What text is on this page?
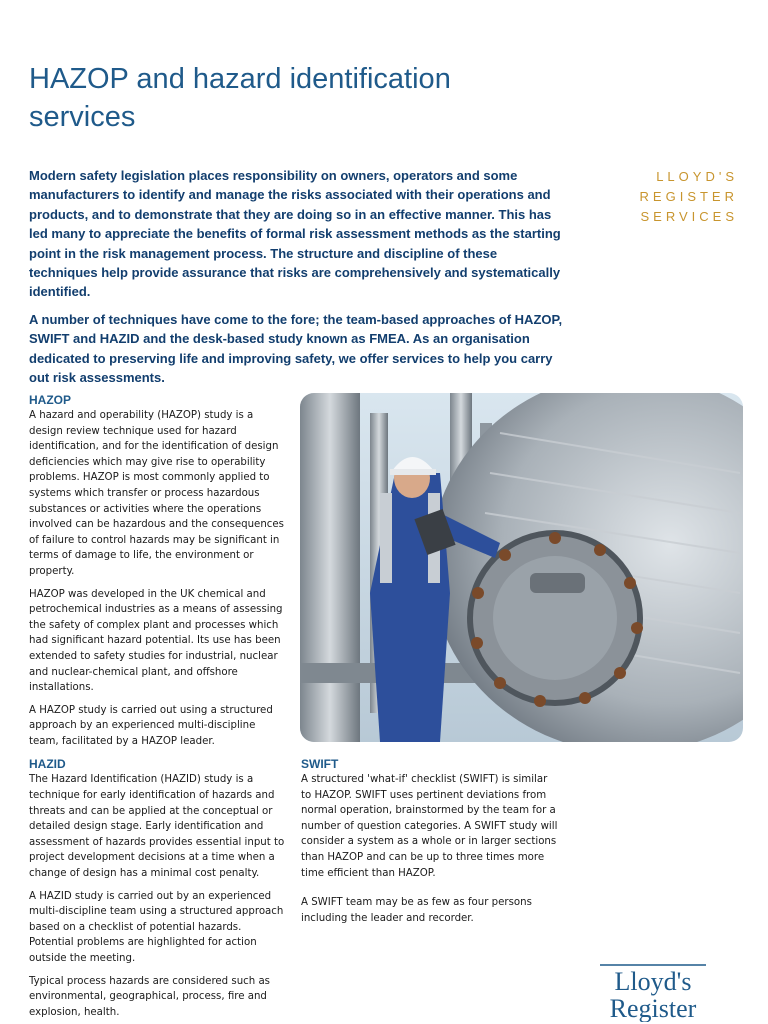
HAZOP and hazard identification services
LLOYD'S
REGISTER
SERVICES

Modern safety legislation places responsibility on owners, operators and some manufacturers to identify and manage the risks associated with their operations and products, and to demonstrate that they are doing so in an effective manner. This has led many to appreciate the benefits of formal risk assessment methods as the starting point in the risk management process. The structure and discipline of these techniques help provide assurance that risks are comprehensively and systematically identified.

A number of techniques have come to the fore; the team-based approaches of HAZOP, SWIFT and HAZID and the desk-based study known as FMEA. As an organisation dedicated to preserving life and improving safety, we offer services to help you carry out risk assessments.

HAZOP

A hazard and operability (HAZOP) study is a design review technique used for hazard identification, and for the identification of design deficiencies which may give rise to operability problems. HAZOP is most commonly applied to systems which transfer or process hazardous substances or activities where the operations involved can be hazardous and the consequences of failure to control hazards may be significant in terms of damage to life, the environment or property.

HAZOP was developed in the UK chemical and petrochemical industries as a means of assessing the safety of complex plant and processes which had significant hazard potential. Its use has been extended to safety studies for industrial, nuclear and nuclear-chemical plant, and offshore installations.

A HAZOP study is carried out using a structured approach by an experienced multi-discipline team, facilitated by a HAZOP leader.

HAZID

The Hazard Identification (HAZID) study is a technique for early identification of hazards and threats and can be applied at the conceptual or detailed design stage. Early identification and assessment of hazards provides essential input to project development decisions at a time when a change of design has a minimal cost penalty.

A HAZID study is carried out by an experienced multi-discipline team using a structured approach based on a checklist of potential hazards. Potential problems are highlighted for action outside the meeting.

Typical process hazards are considered such as environmental, geographical, process, fire and explosion, health.

SWIFT

A structured 'what-if' checklist (SWIFT) is similar to HAZOP. SWIFT uses pertinent deviations from normal operation, brainstormed by the team for a number of question categories. A SWIFT study will consider a system as a whole or in larger sections than HAZOP and can be up to three times more time efficient than HAZOP.

A SWIFT team may be as few as four persons including the leader and recorder.

Lloyd's
Register
